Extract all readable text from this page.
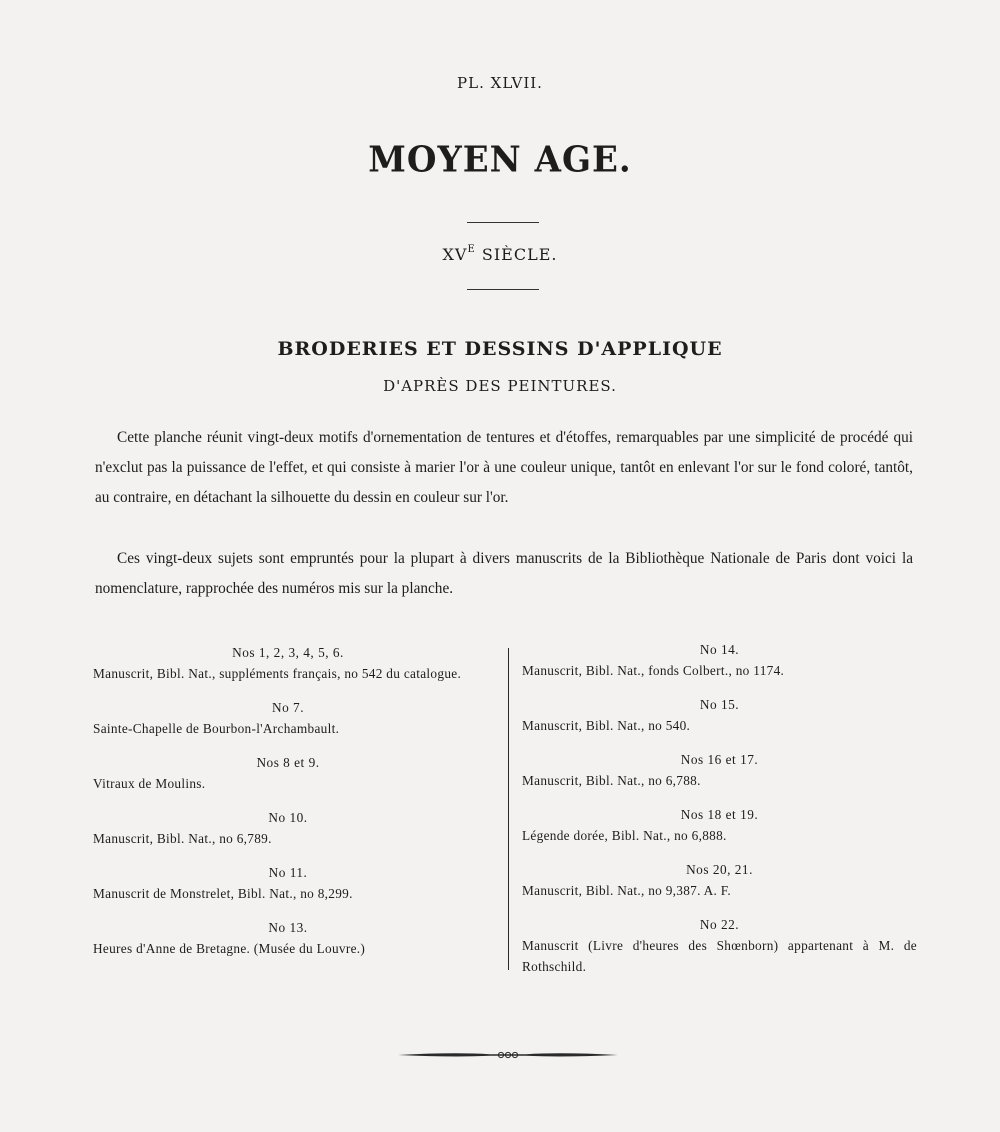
PL. XLVII.
MOYEN AGE.
$XV^E$ SIÈCLE.
BRODERIES ET DESSINS D'APPLIQUE
D'APRÈS DES PEINTURES.
Cette planche réunit vingt-deux motifs d'ornementation de tentures et d'étoffes, remarquables par une simplicité de procédé qui n'exclut pas la puissance de l'effet, et qui consiste à marier l'or à une couleur unique, tantôt en enlevant l'or sur le fond coloré, tantôt, au contraire, en détachant la silhouette du dessin en couleur sur l'or.
Ces vingt-deux sujets sont empruntés pour la plupart à divers manuscrits de la Bibliothèque Nationale de Paris dont voici la nomenclature, rapprochée des numéros mis sur la planche.
Nos 1, 2, 3, 4, 5, 6.
Manuscrit, Bibl. Nat., suppléments français, no 542 du catalogue.
No 7.
Sainte-Chapelle de Bourbon-l'Archambault.
Nos 8 et 9.
Vitraux de Moulins.
No 10.
Manuscrit, Bibl. Nat., no 6,789.
No 11.
Manuscrit de Monstrelet, Bibl. Nat., no 8,299.
No 13.
Heures d'Anne de Bretagne. (Musée du Louvre.)
No 14.
Manuscrit, Bibl. Nat., fonds Colbert., no 1174.
No 15.
Manuscrit, Bibl. Nat., no 540.
Nos 16 et 17.
Manuscrit, Bibl. Nat., no 6,788.
Nos 18 et 19.
Légende dorée, Bibl. Nat., no 6,888.
Nos 20, 21.
Manuscrit, Bibl. Nat., no 9,387. A. F.
No 22.
Manuscrit (Livre d'heures des Shœnborn) appartenant à M. de Rothschild.
